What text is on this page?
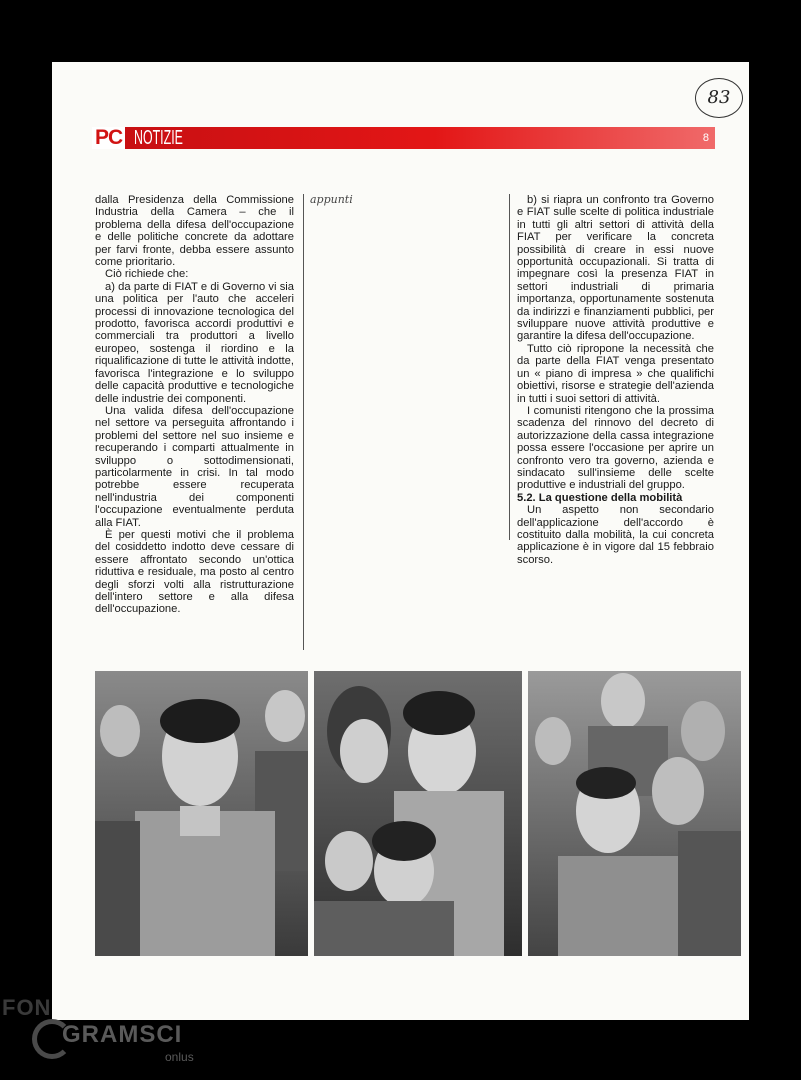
83
PC NOTIZIE	8

dalla Presidenza della Commissione Industria della Camera – che il problema della difesa dell'occupazione e delle politiche concrete da adottare per farvi fronte, debba essere assunto come prioritario.

Ciò richiede che:

a) da parte di FIAT e di Governo vi sia una politica per l'auto che acceleri processi di innovazione tecnologica del prodotto, favorisca accordi produttivi e commerciali tra produttori a livello europeo, sostenga il riordino e la riqualificazione di tutte le attività indotte, favorisca l'integrazione e lo sviluppo delle capacità produttive e tecnologiche delle industrie dei componenti.

Una valida difesa dell'occupazione nel settore va perseguita affrontando i problemi del settore nel suo insieme e recuperando i comparti attualmente in sviluppo o sottodimensionati, particolarmente in crisi. In tal modo potrebbe essere recuperata nell'industria dei componenti l'occupazione eventualmente perduta alla FIAT.

È per questi motivi che il problema del cosiddetto indotto deve cessare di essere affrontato secondo un'ottica riduttiva e residuale, ma posto al centro degli sforzi volti alla ristrutturazione dell'intero settore e alla difesa dell'occupazione.

appunti	b) si riapra un confronto tra Governo e FIAT sulle scelte di politica industriale in tutti gli altri settori di attività della FIAT per verificare la concreta possibilità di creare in essi nuove opportunità occupazionali. Si tratta di impegnare così la presenza FIAT in settori industriali di primaria importanza, opportunamente sostenuta da indirizzi e finanziamenti pubblici, per sviluppare nuove attività produttive e garantire la difesa dell'occupazione.

Tutto ciò ripropone la necessità che da parte della FIAT venga presentato un « piano di impresa » che qualifichi obiettivi, risorse e strategie dell'azienda in tutti i suoi settori di attività.

I comunisti ritengono che la prossima scadenza del rinnovo del decreto di autorizzazione della cassa integrazione possa essere l'occasione per aprire un confronto vero tra governo, azienda e sindacato sull'insieme delle scelte produttive e industriali del gruppo.

5.2. La questione della mobilità

Un aspetto non secondario dell'applicazione dell'accordo è costituito dalla mobilità, la cui concreta applicazione è in vigore dal 15 febbraio scorso.

FON
GRAMSCI
onlus
